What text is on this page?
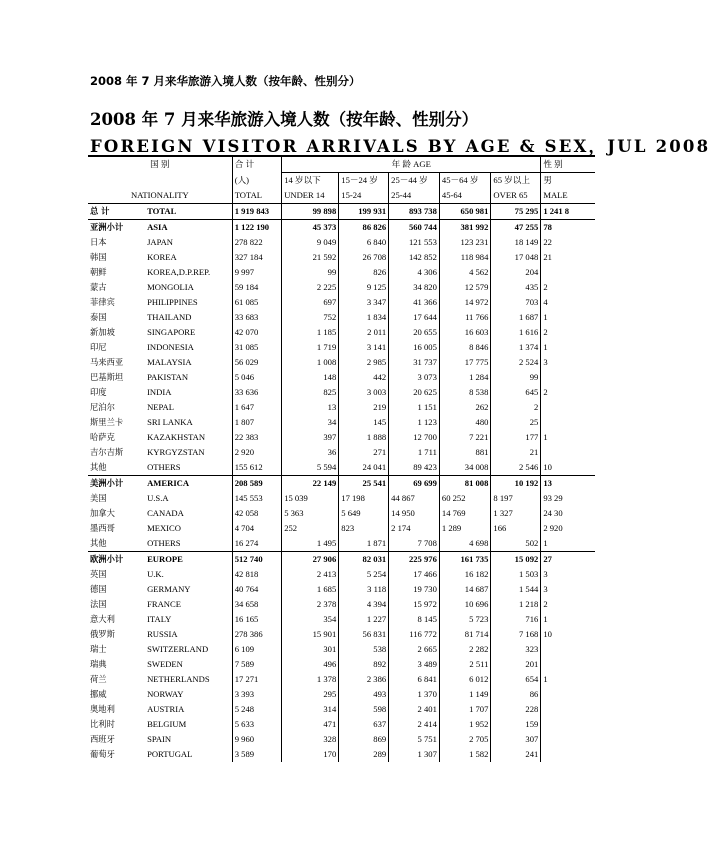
2008 年 7 月来华旅游入境人数（按年龄、性别分）
2008 年 7 月来华旅游入境人数（按年龄、性别分）
FOREIGN VISITOR ARRIVALS BY AGE & SEX，JUL 2008
国 别		合 计	年 龄 AGE					性 别
		(人)	14 岁以下	15－24 岁	25－44 岁	45－64 岁	65 岁以上	男
NATIONALITY		TOTAL	UNDER 14	15-24	25-44	45-64	OVER 65	MALE
总 计	TOTAL	1 919 843	99 898	199 931	893 738	650 981	75 295	1 241 8
亚洲小计	ASIA	1 122 190	45 373	86 826	560 744	381 992	47 255	78
日本	JAPAN	278 822	9 049	6 840	121 553	123 231	18 149	22
韩国	KOREA	327 184	21 592	26 708	142 852	118 984	17 048	21
朝鲜	KOREA,D.P.REP.	9 997	99	826	4 306	4 562	204	
蒙古	MONGOLIA	59 184	2 225	9 125	34 820	12 579	435	2
菲律宾	PHILIPPINES	61 085	697	3 347	41 366	14 972	703	4
泰国	THAILAND	33 683	752	1 834	17 644	11 766	1 687	1
新加坡	SINGAPORE	42 070	1 185	2 011	20 655	16 603	1 616	2
印尼	INDONESIA	31 085	1 719	3 141	16 005	8 846	1 374	1
马来西亚	MALAYSIA	56 029	1 008	2 985	31 737	17 775	2 524	3
巴基斯坦	PAKISTAN	5 046	148	442	3 073	1 284	99	
印度	INDIA	33 636	825	3 003	20 625	8 538	645	2
尼泊尔	NEPAL	1 647	13	219	1 151	262	2	
斯里兰卡	SRI LANKA	1 807	34	145	1 123	480	25	
哈萨克	KAZAKHSTAN	22 383	397	1 888	12 700	7 221	177	1
吉尔吉斯	KYRGYZSTAN	2 920	36	271	1 711	881	21	
其他	OTHERS	155 612	5 594	24 041	89 423	34 008	2 546	10
美洲小计	AMERICA	208 589	22 149	25 541	69 699	81 008	10 192	13
美国	U.S.A	145 553	15 039	17 198	44 867	60 252	8 197	93 29
加拿大	CANADA	42 058	5 363	5 649	14 950	14 769	1 327	24 30
墨西哥	MEXICO	4 704	252	823	2 174	1 289	166	2 920
其他	OTHERS	16 274	1 495	1 871	7 708	4 698	502	1
欧洲小计	EUROPE	512 740	27 906	82 031	225 976	161 735	15 092	27
英国	U.K.	42 818	2 413	5 254	17 466	16 182	1 503	3
德国	GERMANY	40 764	1 685	3 118	19 730	14 687	1 544	3
法国	FRANCE	34 658	2 378	4 394	15 972	10 696	1 218	2
意大利	ITALY	16 165	354	1 227	8 145	5 723	716	1
俄罗斯	RUSSIA	278 386	15 901	56 831	116 772	81 714	7 168	10
瑞士	SWITZERLAND	6 109	301	538	2 665	2 282	323	
瑞典	SWEDEN	7 589	496	892	3 489	2 511	201	
荷兰	NETHERLANDS	17 271	1 378	2 386	6 841	6 012	654	1
挪威	NORWAY	3 393	295	493	1 370	1 149	86	
奥地利	AUSTRIA	5 248	314	598	2 401	1 707	228	
比利时	BELGIUM	5 633	471	637	2 414	1 952	159	
西班牙	SPAIN	9 960	328	869	5 751	2 705	307	
葡萄牙	PORTUGAL	3 589	170	289	1 307	1 582	241	
